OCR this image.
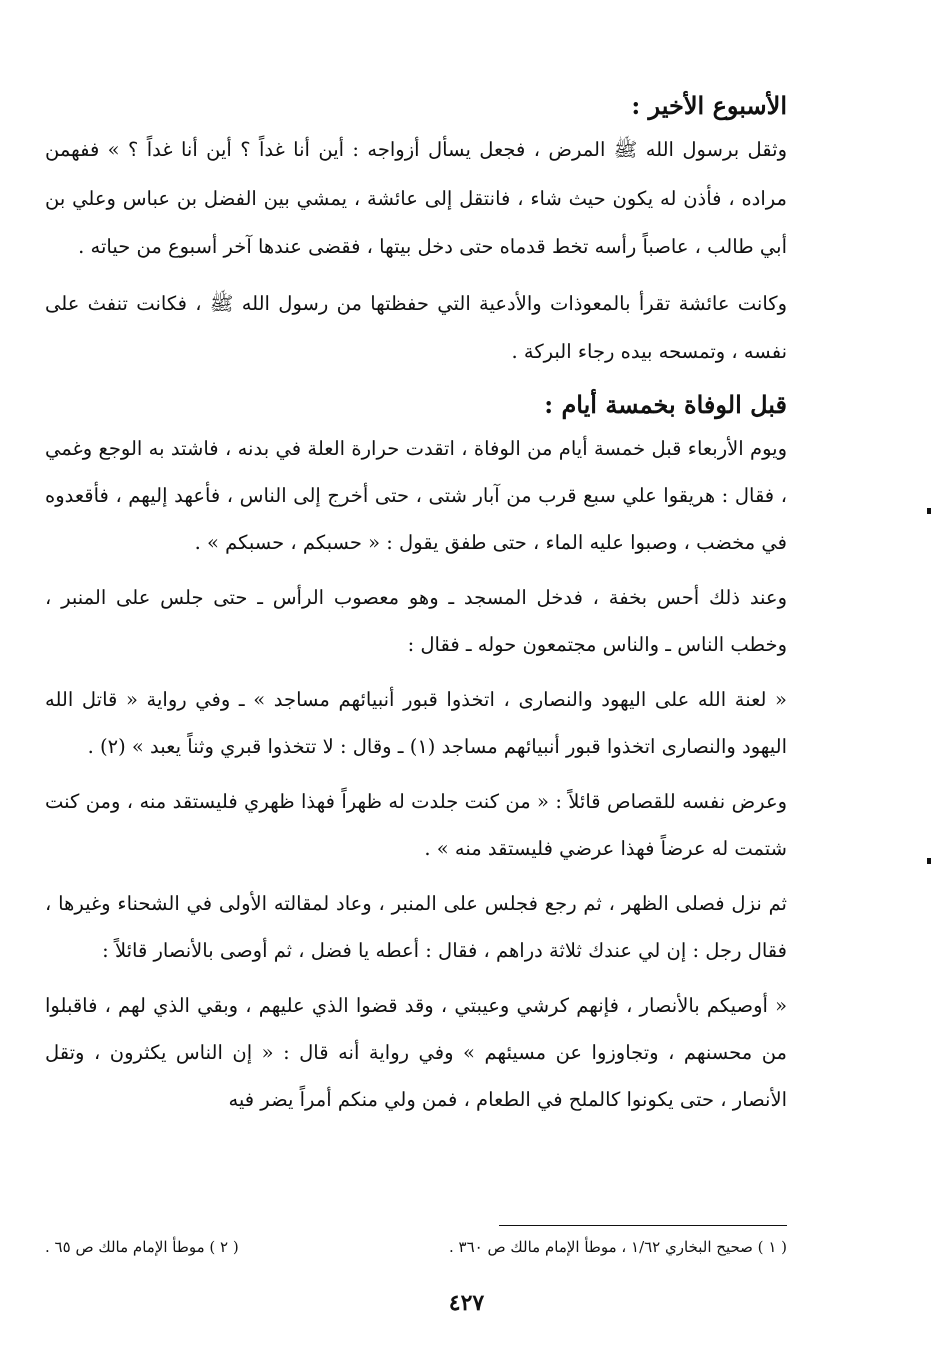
الأسبوع الأخير :

وثقل برسول الله ﷺ المرض ، فجعل يسأل أزواجه : أين أنا غداً ؟ أين أنا غداً ؟ » ففهمن مراده ، فأذن له يكون حيث شاء ، فانتقل إلى عائشة ، يمشي بين الفضل بن عباس وعلي بن أبي طالب ، عاصباً رأسه تخط قدماه حتى دخل بيتها ، فقضى عندها آخر أسبوع من حياته .

وكانت عائشة تقرأ بالمعوذات والأدعية التي حفظتها من رسول الله ﷺ ، فكانت تنفث على نفسه ، وتمسحه بيده رجاء البركة .

قبل الوفاة بخمسة أيام :

ويوم الأربعاء قبل خمسة أيام من الوفاة ، اتقدت حرارة العلة في بدنه ، فاشتد به الوجع وغمي ، فقال : هريقوا علي سبع قرب من آبار شتى ، حتى أخرج إلى الناس ، فأعهد إليهم ، فأقعدوه في مخضب ، وصبوا عليه الماء ، حتى طفق يقول : « حسبكم ، حسبكم » .

وعند ذلك أحس بخفة ، فدخل المسجد ـ وهو معصوب الرأس ـ حتى جلس على المنبر ، وخطب الناس ـ والناس مجتمعون حوله ـ فقال :

« لعنة الله على اليهود والنصارى ، اتخذوا قبور أنبيائهم مساجد » ـ وفي رواية « قاتل الله اليهود والنصارى اتخذوا قبور أنبيائهم مساجد (١) ـ وقال : لا تتخذوا قبري وثناً يعبد » (٢) .

وعرض نفسه للقصاص قائلاً : « من كنت جلدت له ظهراً فهذا ظهري فليستقد منه ، ومن كنت شتمت له عرضاً فهذا عرضي فليستقد منه » .

ثم نزل فصلى الظهر ، ثم رجع فجلس على المنبر ، وعاد لمقالته الأولى في الشحناء وغيرها ، فقال رجل : إن لي عندك ثلاثة دراهم ، فقال : أعطه يا فضل ، ثم أوصى بالأنصار قائلاً :

« أوصيكم بالأنصار ، فإنهم كرشي وعيبتي ، وقد قضوا الذي عليهم ، وبقي الذي لهم ، فاقبلوا من محسنهم ، وتجاوزوا عن مسيئهم » وفي رواية أنه قال : « إن الناس يكثرون ، وتقل الأنصار ، حتى يكونوا كالملح في الطعام ، فمن ولي منكم أمراً يضر فيه

( ١ ) صحيح البخاري ١/٦٢ ، موطأ الإمام مالك ص ٣٦٠ .
( ٢ ) موطأ الإمام مالك ص ٦٥ .
٤٢٧
